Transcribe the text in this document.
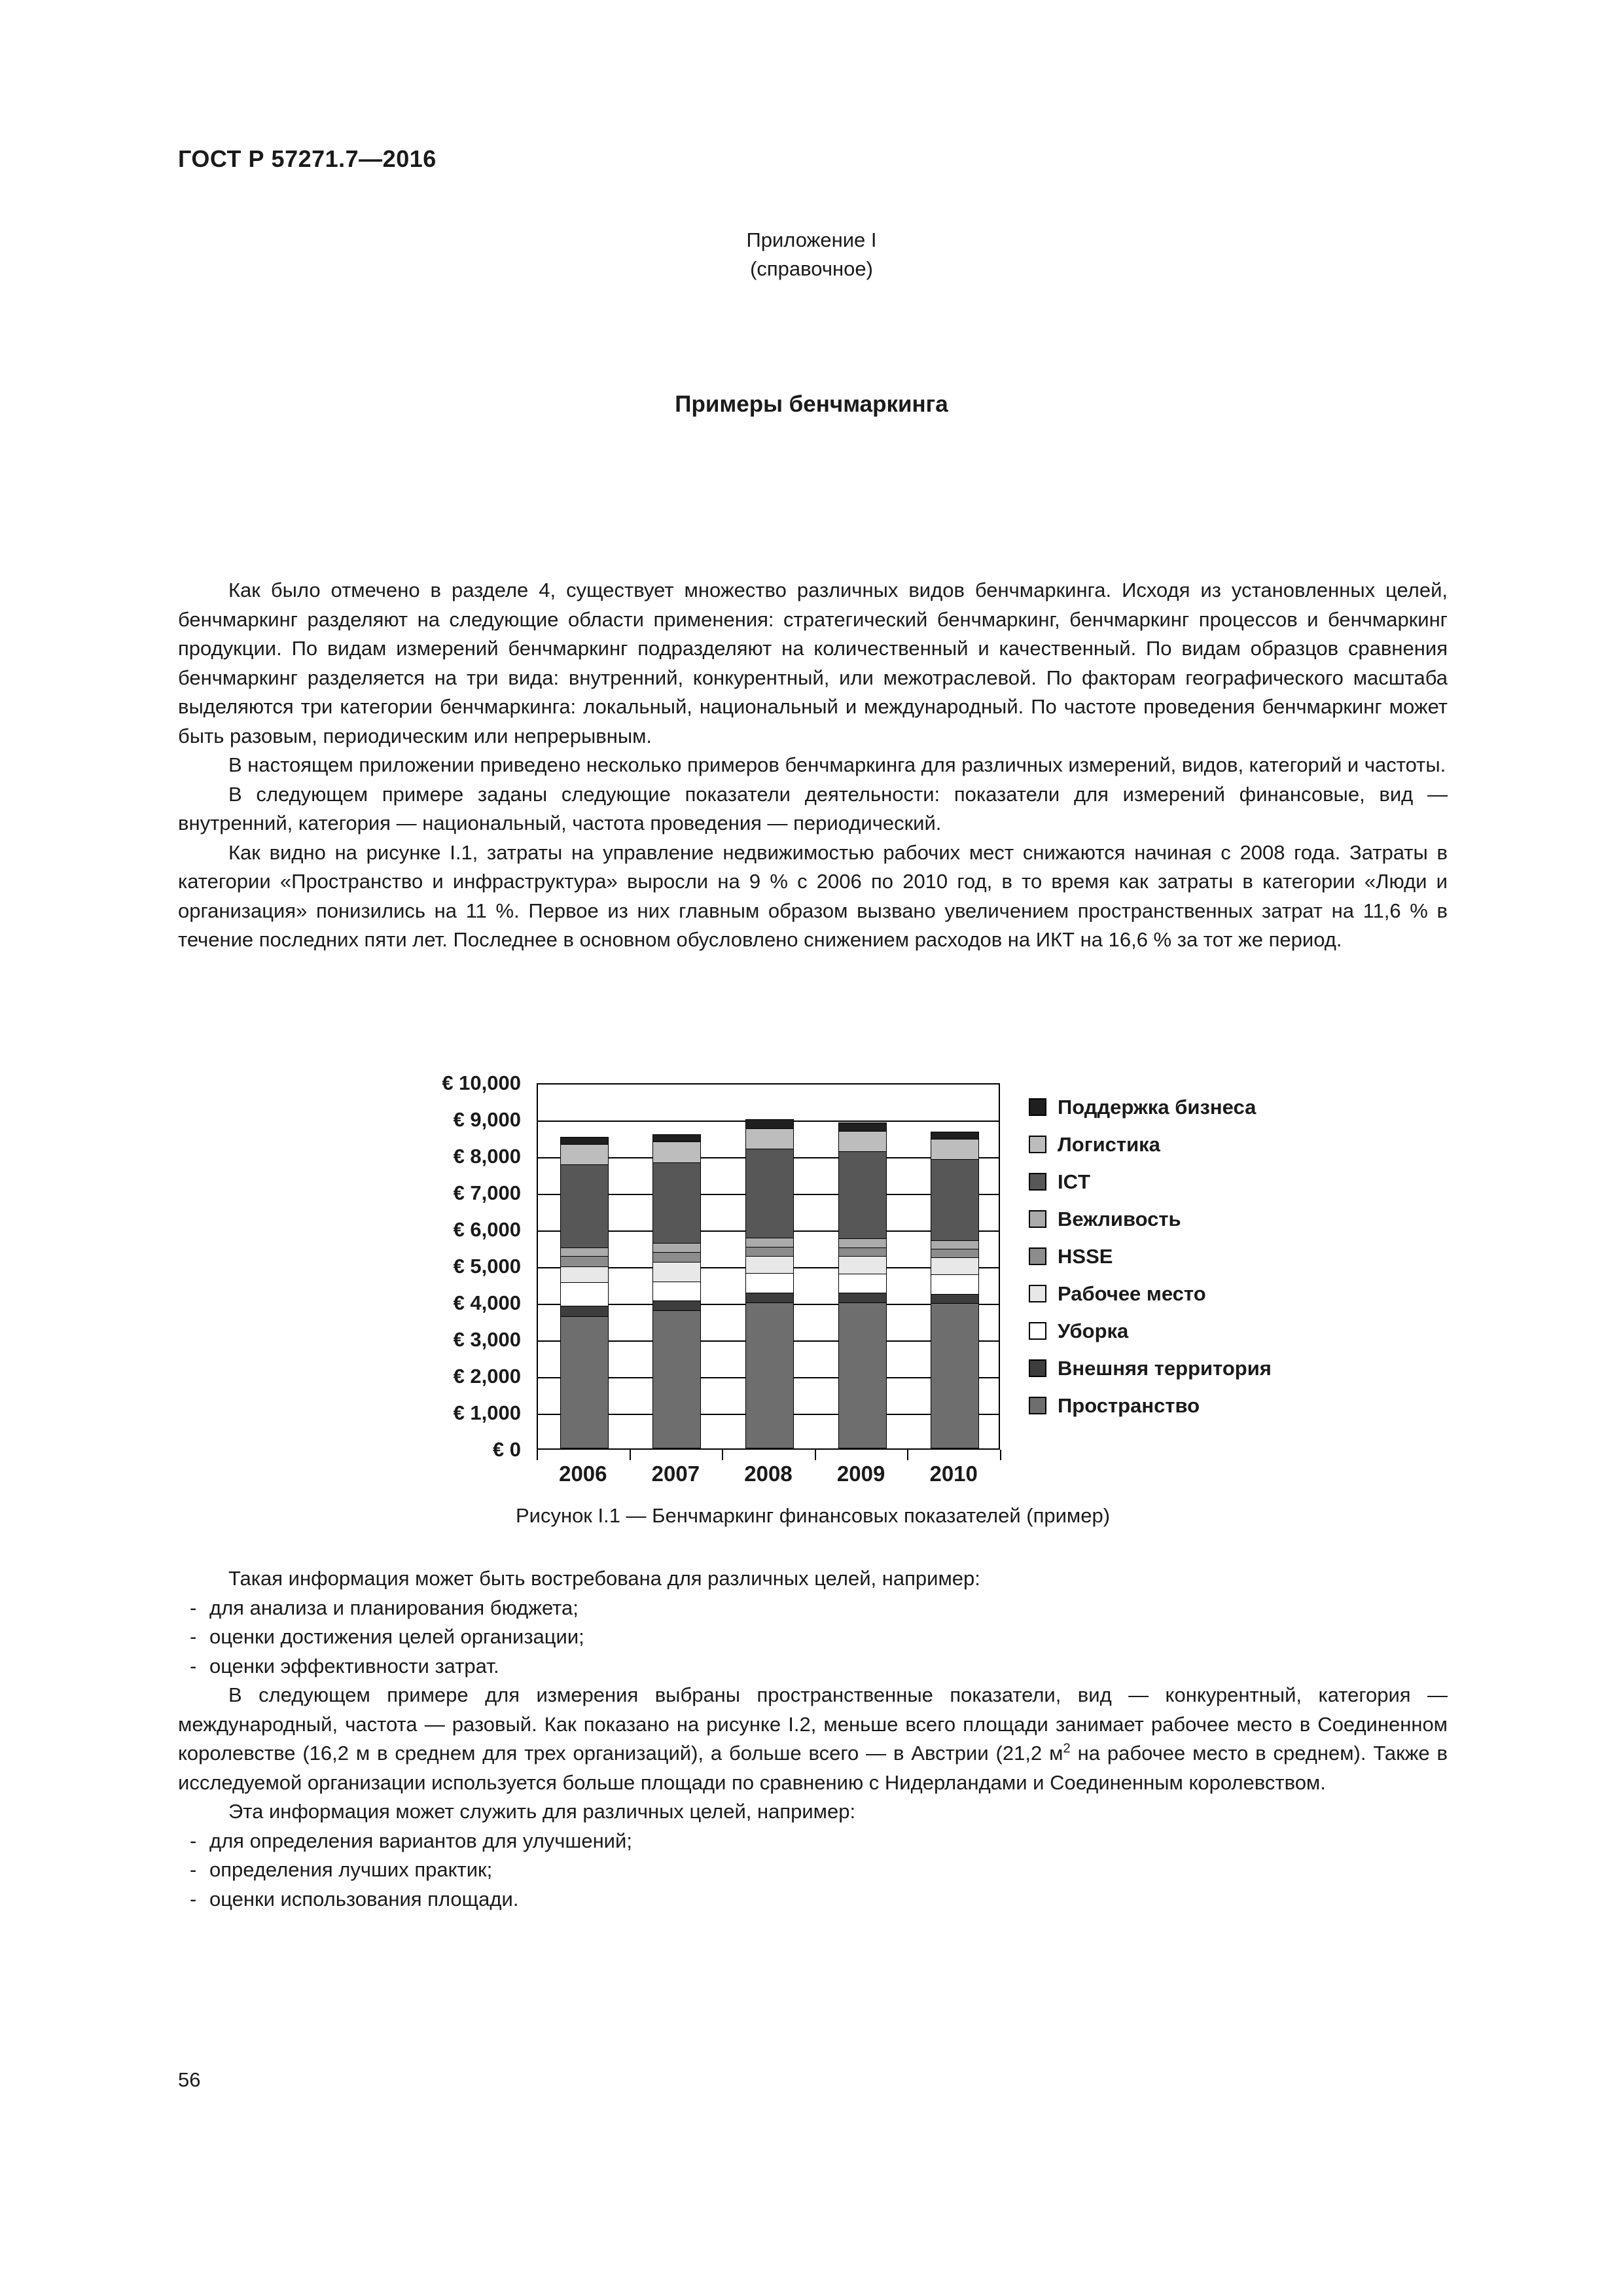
ГОСТ Р 57271.7—2016
Приложение I
(справочное)
Примеры бенчмаркинга

Как было отмечено в разделе 4, существует множество различных видов бенчмаркинга. Исходя из установленных целей, бенчмаркинг разделяют на следующие области применения: стратегический бенчмаркинг, бенчмаркинг процессов и бенчмаркинг продукции. По видам измерений бенчмаркинг подразделяют на количественный и качественный. По видам образцов сравнения бенчмаркинг разделяется на три вида: внутренний, конкурентный, или межотраслевой. По факторам географического масштаба выделяются три категории бенчмаркинга: локальный, национальный и международный. По частоте проведения бенчмаркинг может быть разовым, периодическим или непрерывным.

В настоящем приложении приведено несколько примеров бенчмаркинга для различных измерений, видов, категорий и частоты.

В следующем примере заданы следующие показатели деятельности: показатели для измерений финансовые, вид — внутренний, категория — национальный, частота проведения — периодический.

Как видно на рисунке I.1, затраты на управление недвижимостью рабочих мест снижаются начиная с 2008 года. Затраты в категории «Пространство и инфраструктура» выросли на 9 % с 2006 по 2010 год, в то время как затраты в категории «Люди и организация» понизились на 11 %. Первое из них главным образом вызвано увеличением пространственных затрат на 11,6 % в течение последних пяти лет. Последнее в основном обусловлено снижением расходов на ИКТ на 16,6 % за тот же период.

€ 0
€ 1,000
€ 2,000
€ 3,000
€ 4,000
€ 5,000
€ 6,000
€ 7,000
€ 8,000
€ 9,000
€ 10,000
2006 2007 2008 2009 2010
Поддержка бизнеса
Логистика
ICT
Вежливость
HSSE
Рабочее место
Уборка
Внешняя территория
Пространство
Рисунок I.1 — Бенчмаркинг финансовых показателей (пример)

Такая информация может быть востребована для различных целей, например:

- для анализа и планирования бюджета;

- оценки достижения целей организации;

- оценки эффективности затрат.

В следующем примере для измерения выбраны пространственные показатели, вид — конкурентный, категория — международный, частота — разовый. Как показано на рисунке I.2, меньше всего площади занимает рабочее место в Соединенном королевстве (16,2 м в среднем для трех организаций), а больше всего — в Австрии (21,2 $м^2$ на рабочее место в среднем). Также в исследуемой организации используется больше площади по сравнению с Нидерландами и Соединенным королевством.

Эта информация может служить для различных целей, например:

- для определения вариантов для улучшений;

- определения лучших практик;

- оценки использования площади.

56
